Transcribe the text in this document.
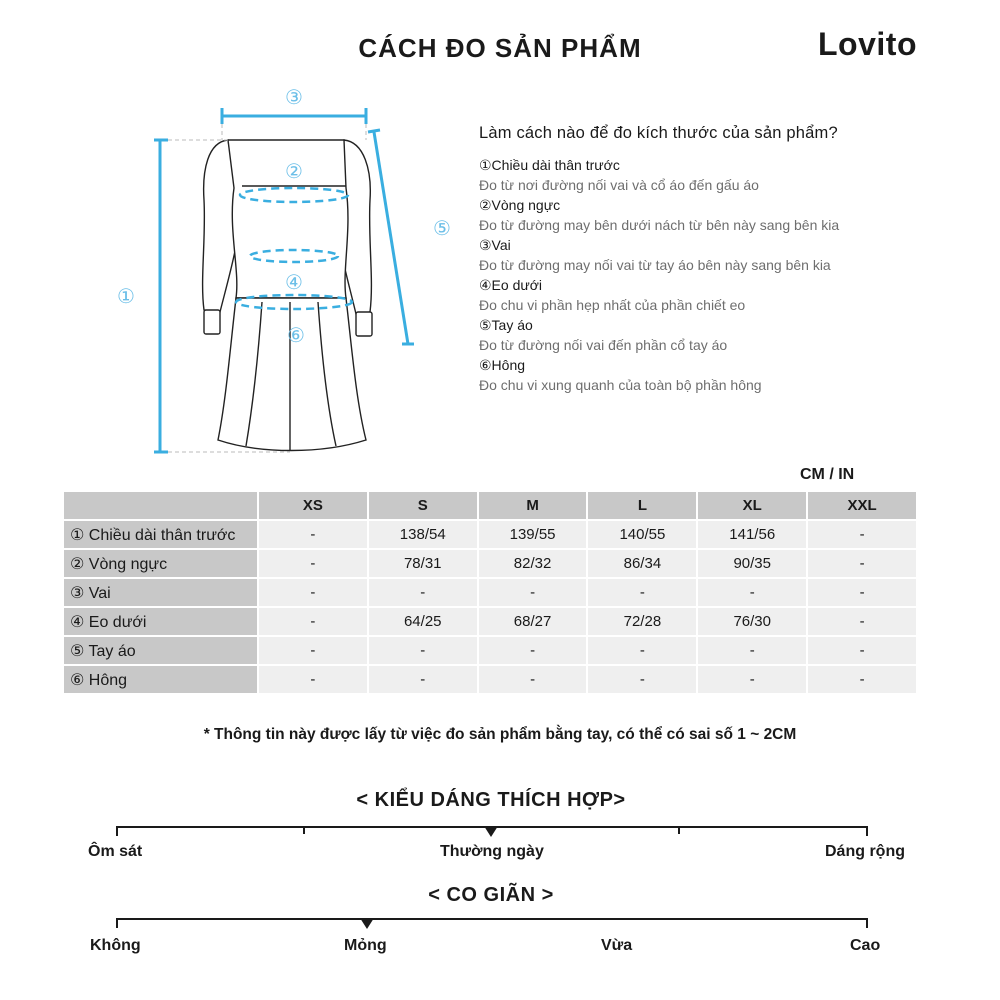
CÁCH ĐO SẢN PHẨM	Lovito
①
②
③
④
⑤
⑥
Làm cách nào để đo kích thước của sản phẩm?
①Chiều dài thân trước
Đo từ nơi đường nối vai và cổ áo đến gấu áo
②Vòng ngực
Đo từ đường may bên dưới nách từ bên này sang bên kia
③Vai
Đo từ đường may nối vai từ tay áo bên này sang bên kia
④Eo dưới
Đo chu vi phần hẹp nhất của phần chiết eo
⑤Tay áo
Đo từ đường nối vai đến phần cổ tay áo
⑥Hông
Đo chu vi xung quanh của toàn bộ phần hông
CM / IN
	XS	S	M	L	XL	XXL
① Chiều dài thân trước	-	138/54	139/55	140/55	141/56	-
② Vòng ngực	-	78/31	82/32	86/34	90/35	-
③ Vai	-	-	-	-	-	-
④ Eo dưới	-	64/25	68/27	72/28	76/30	-
⑤ Tay áo	-	-	-	-	-	-
⑥ Hông	-	-	-	-	-	-
* Thông tin này được lấy từ việc đo sản phẩm bằng tay, có thể có sai số 1 ~ 2CM
< KIỂU DÁNG THÍCH HỢP>
Ôm sát	Thường ngày	Dáng rộng
< CO GIÃN >
Không	Mỏng	Vừa	Cao
